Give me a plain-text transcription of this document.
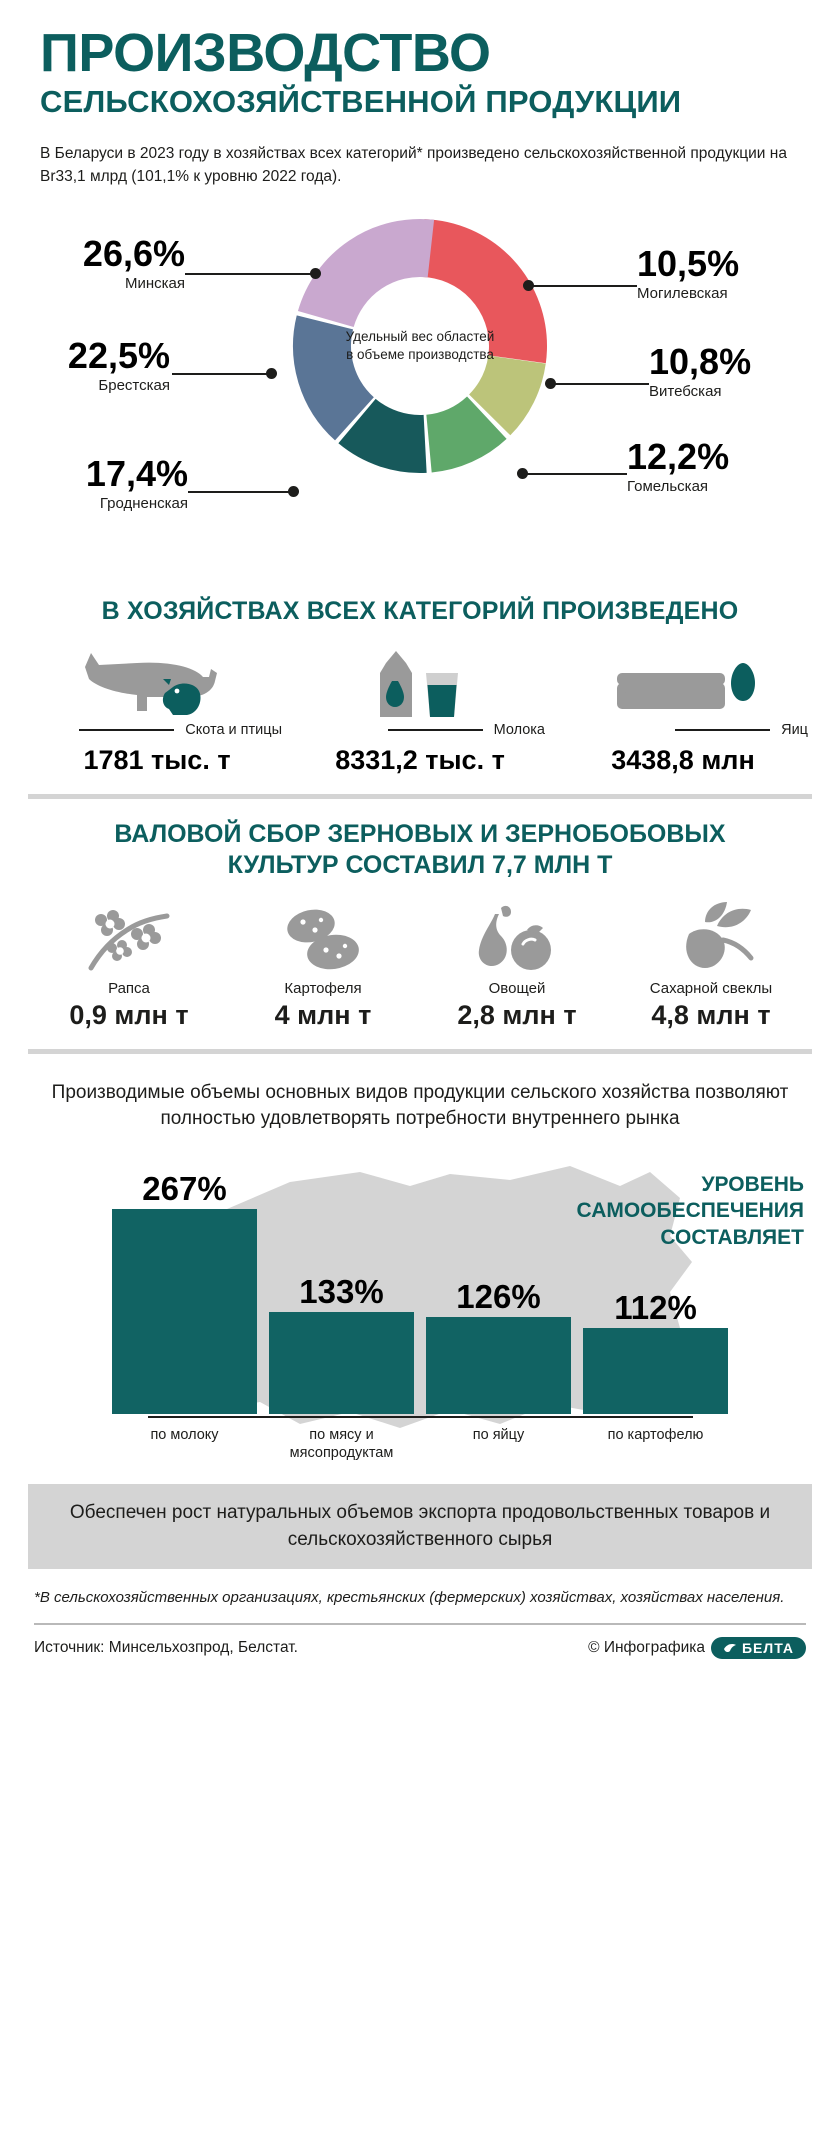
ПРОИЗВОДСТВО
СЕЛЬСКОХОЗЯЙСТВЕННОЙ ПРОДУКЦИИ
В Беларуси в 2023 году в хозяйствах всех категорий* произведено сельскохозяйственной продукции на Br33,1 млрд (101,1% к уровню 2022 года).
Удельный вес областей в объеме производства
26,6%
Минская	10,5%
Могилевская
10,8%
Витебская
12,2%
Гомельская
17,4%
Гродненская
22,5%
Брестская
В ХОЗЯЙСТВАХ ВСЕХ КАТЕГОРИЙ ПРОИЗВЕДЕНО
Скота и птицы
1781 тыс. т
Молока
8331,2 тыс. т
Яиц
3438,8 млн
ВАЛОВОЙ СБОР ЗЕРНОВЫХ И ЗЕРНОБОБОВЫХ
КУЛЬТУР СОСТАВИЛ 7,7 МЛН Т
Рапса
0,9 млн т
Картофеля
4 млн т
Овощей
2,8 млн т
Сахарной свеклы
4,8 млн т
Производимые объемы основных видов продукции сельского хозяйства позволяют полностью удовлетворять потребности внутреннего рынка
УРОВЕНЬ САМООБЕСПЕЧЕНИЯ СОСТАВЛЯЕТ
267%
133%	126%	112%
по молоку	по мясу и мясопродуктам
по яйцу	по картофелю
Обеспечен рост натуральных объемов экспорта продовольственных товаров и сельскохозяйственного сырья
*В сельскохозяйственных организациях, крестьянских (фермерских) хозяйствах, хозяйствах населения.
Источник: Минсельхозпрод, Белстат.	© Инфографика	БЕЛТА
